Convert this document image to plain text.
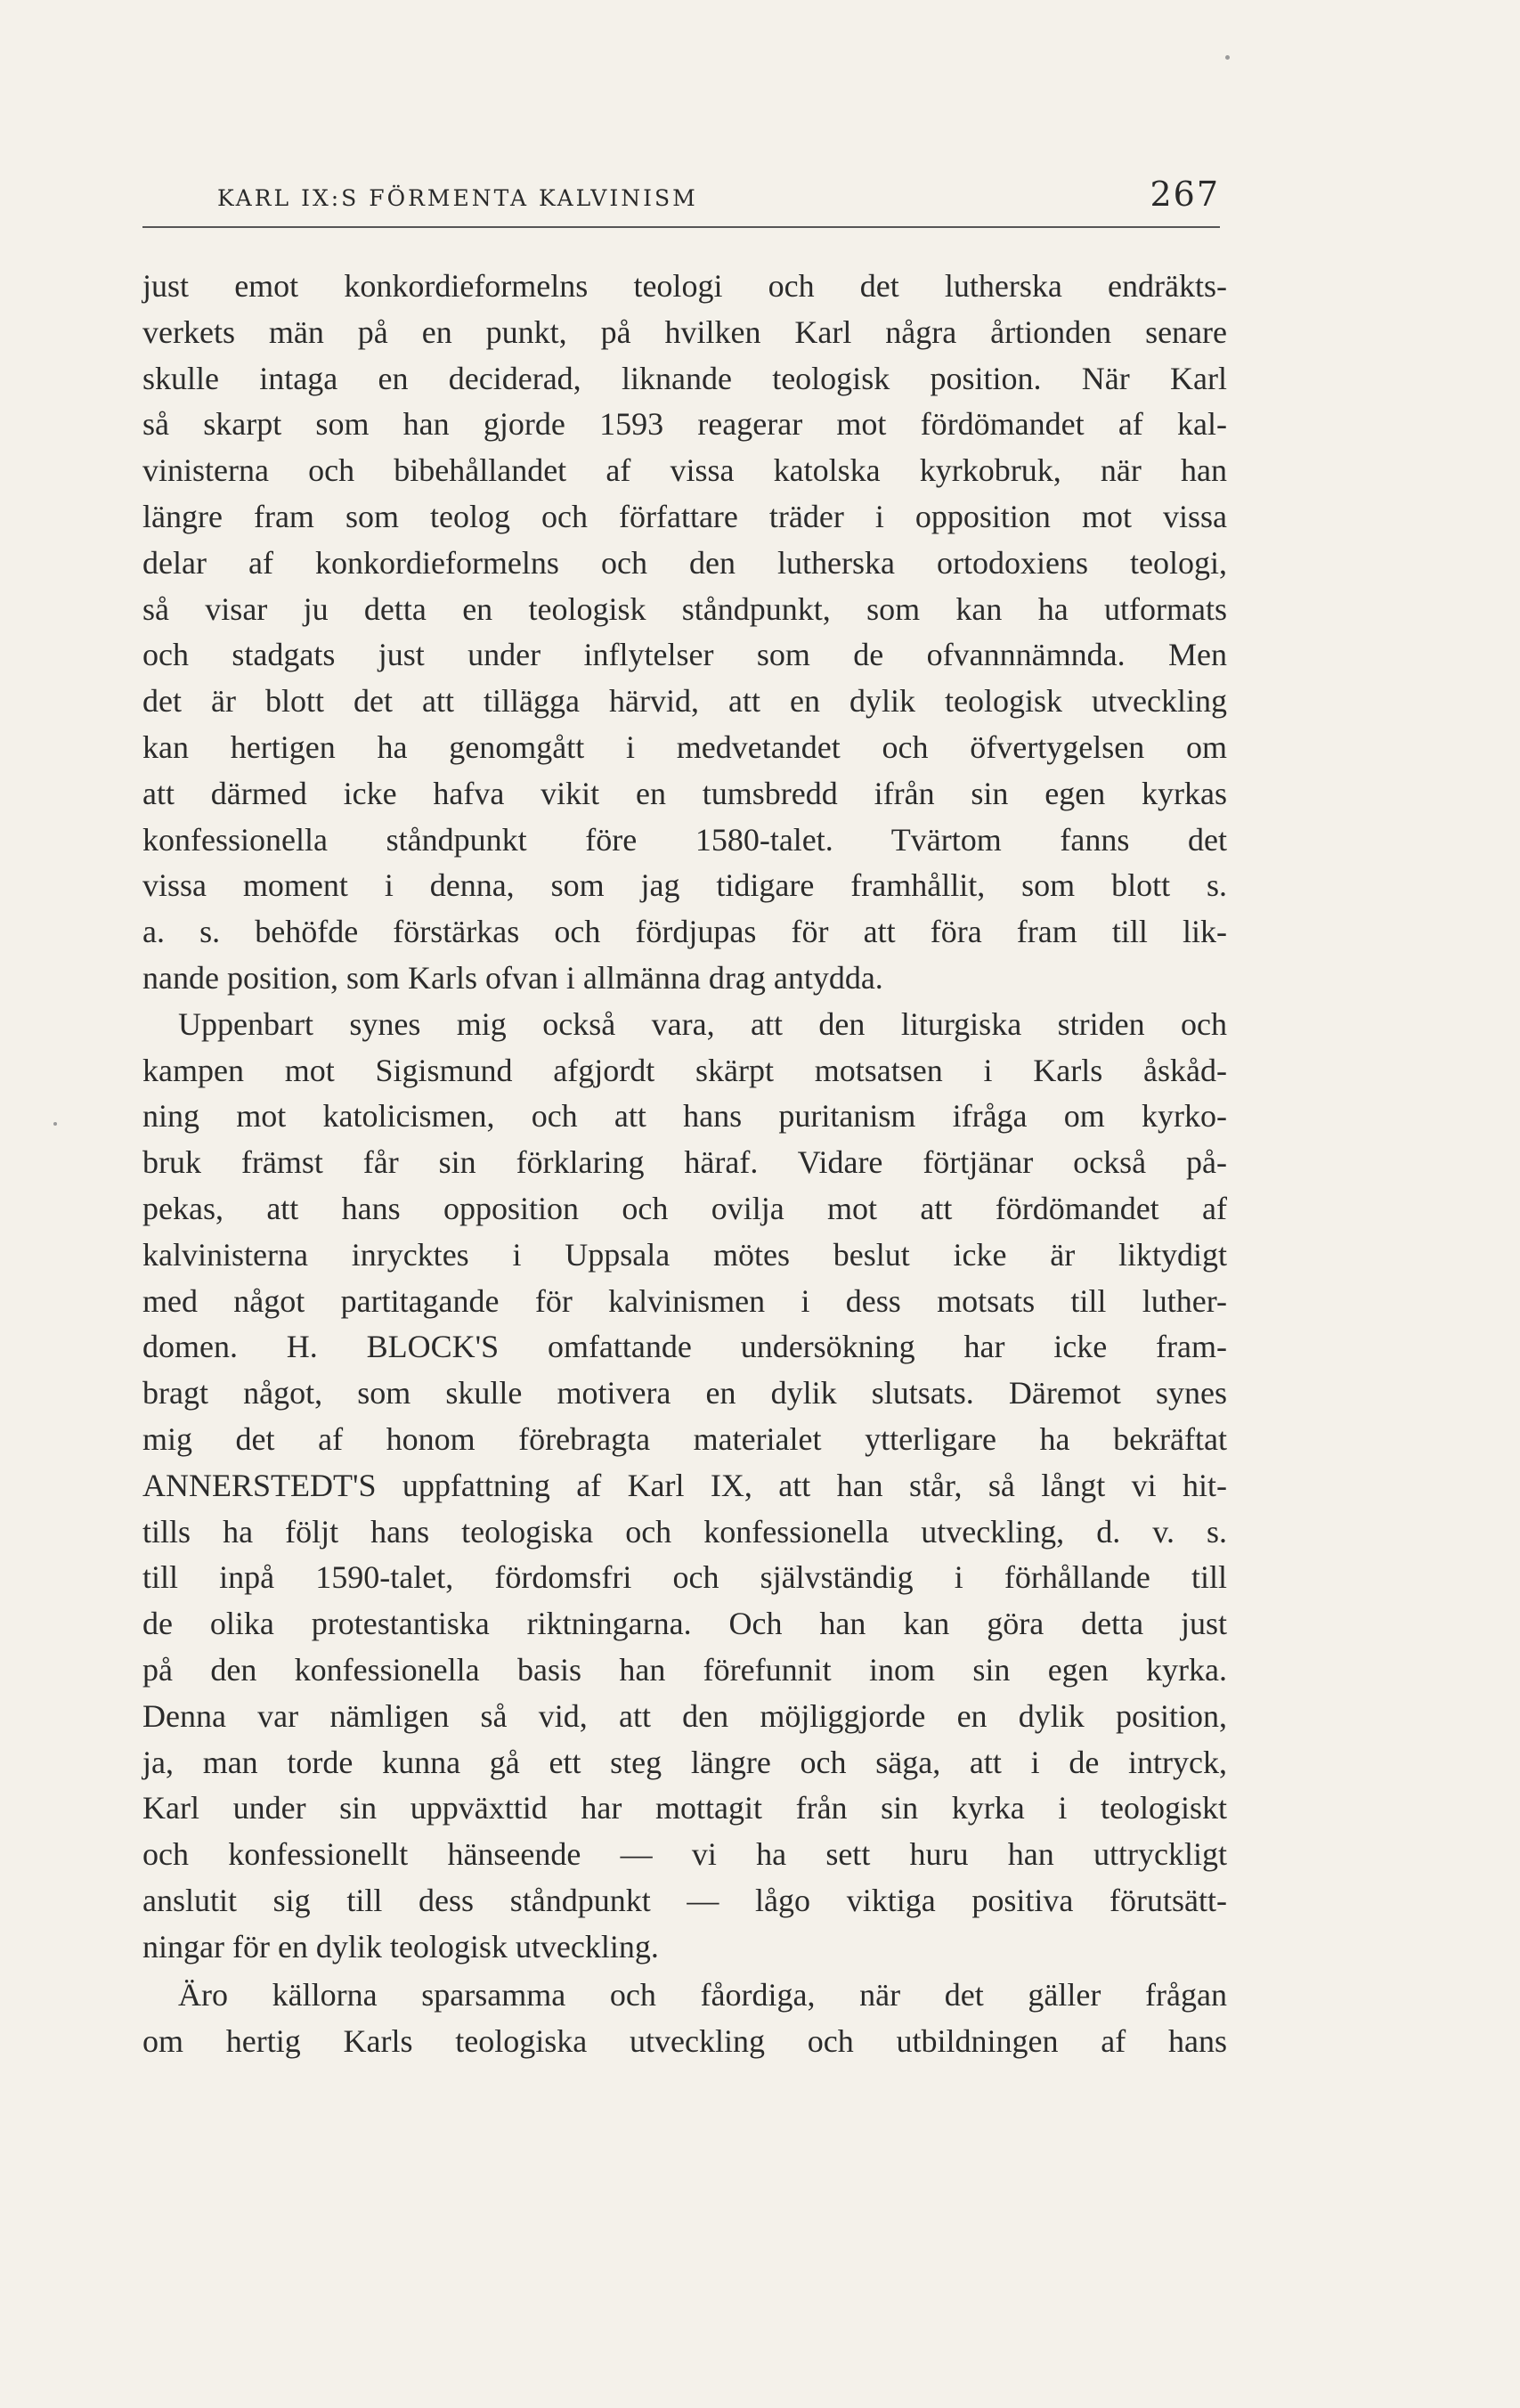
KARL IX:S FÖRMENTA KALVINISM	267
just emot konkordieformelns teologi och det lutherska endräkts-
verkets män på en punkt, på hvilken Karl några årtionden senare
skulle intaga en deciderad, liknande teologisk position. När Karl
så skarpt som han gjorde 1593 reagerar mot fördömandet af kal-
vinisterna och bibehållandet af vissa katolska kyrkobruk, när han
längre fram som teolog och författare träder i opposition mot vissa
delar af konkordieformelns och den lutherska ortodoxiens teologi,
så visar ju detta en teologisk ståndpunkt, som kan ha utformats
och stadgats just under inflytelser som de ofvannnämnda. Men
det är blott det att tillägga härvid, att en dylik teologisk utveckling
kan hertigen ha genomgått i medvetandet och öfvertygelsen om
att därmed icke hafva vikit en tumsbredd ifrån sin egen kyrkas
konfessionella ståndpunkt före 1580-talet. Tvärtom fanns det
vissa moment i denna, som jag tidigare framhållit, som blott s.
a. s. behöfde förstärkas och fördjupas för att föra fram till lik-
nande position, som Karls ofvan i allmänna drag antydda.
Uppenbart synes mig också vara, att den liturgiska striden och
kampen mot Sigismund afgjordt skärpt motsatsen i Karls åskåd-
ning mot katolicismen, och att hans puritanism ifråga om kyrko-
bruk främst får sin förklaring häraf. Vidare förtjänar också på-
pekas, att hans opposition och ovilja mot att fördömandet af
kalvinisterna inrycktes i Uppsala mötes beslut icke är liktydigt
med något partitagande för kalvinismen i dess motsats till luther-
domen. H. BLOCK'S omfattande undersökning har icke fram-
bragt något, som skulle motivera en dylik slutsats. Däremot synes
mig det af honom förebragta materialet ytterligare ha bekräftat
ANNERSTEDT'S uppfattning af Karl IX, att han står, så långt vi hit-
tills ha följt hans teologiska och konfessionella utveckling, d. v. s.
till inpå 1590-talet, fördomsfri och självständig i förhållande till
de olika protestantiska riktningarna. Och han kan göra detta just
på den konfessionella basis han förefunnit inom sin egen kyrka.
Denna var nämligen så vid, att den möjliggjorde en dylik position,
ja, man torde kunna gå ett steg längre och säga, att i de intryck,
Karl under sin uppväxttid har mottagit från sin kyrka i teologiskt
och konfessionellt hänseende — vi ha sett huru han uttryckligt
anslutit sig till dess ståndpunkt — lågo viktiga positiva förutsätt-
ningar för en dylik teologisk utveckling.
Äro källorna sparsamma och fåordiga, när det gäller frågan
om hertig Karls teologiska utveckling och utbildningen af hans
